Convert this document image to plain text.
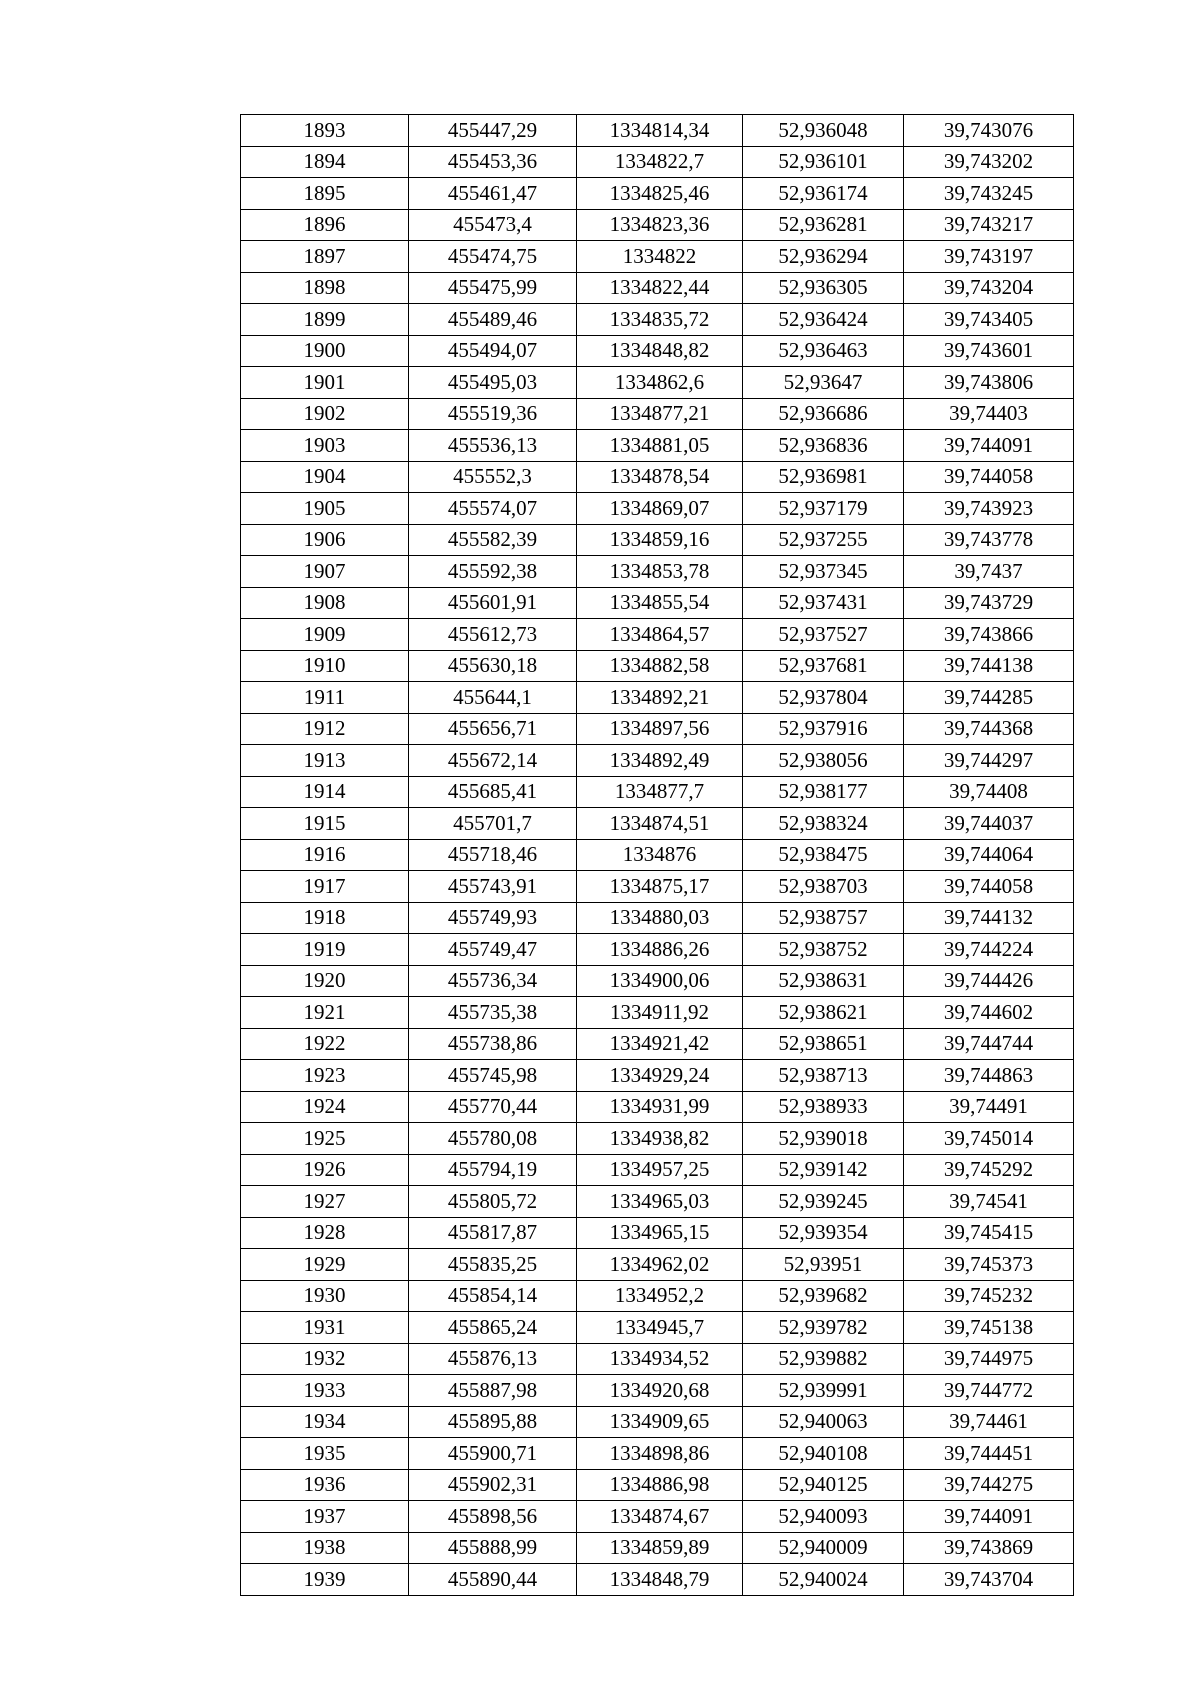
1893	455447,29	1334814,34	52,936048	39,743076
1894	455453,36	1334822,7	52,936101	39,743202
1895	455461,47	1334825,46	52,936174	39,743245
1896	455473,4	1334823,36	52,936281	39,743217
1897	455474,75	1334822	52,936294	39,743197
1898	455475,99	1334822,44	52,936305	39,743204
1899	455489,46	1334835,72	52,936424	39,743405
1900	455494,07	1334848,82	52,936463	39,743601
1901	455495,03	1334862,6	52,93647	39,743806
1902	455519,36	1334877,21	52,936686	39,74403
1903	455536,13	1334881,05	52,936836	39,744091
1904	455552,3	1334878,54	52,936981	39,744058
1905	455574,07	1334869,07	52,937179	39,743923
1906	455582,39	1334859,16	52,937255	39,743778
1907	455592,38	1334853,78	52,937345	39,7437
1908	455601,91	1334855,54	52,937431	39,743729
1909	455612,73	1334864,57	52,937527	39,743866
1910	455630,18	1334882,58	52,937681	39,744138
1911	455644,1	1334892,21	52,937804	39,744285
1912	455656,71	1334897,56	52,937916	39,744368
1913	455672,14	1334892,49	52,938056	39,744297
1914	455685,41	1334877,7	52,938177	39,74408
1915	455701,7	1334874,51	52,938324	39,744037
1916	455718,46	1334876	52,938475	39,744064
1917	455743,91	1334875,17	52,938703	39,744058
1918	455749,93	1334880,03	52,938757	39,744132
1919	455749,47	1334886,26	52,938752	39,744224
1920	455736,34	1334900,06	52,938631	39,744426
1921	455735,38	1334911,92	52,938621	39,744602
1922	455738,86	1334921,42	52,938651	39,744744
1923	455745,98	1334929,24	52,938713	39,744863
1924	455770,44	1334931,99	52,938933	39,74491
1925	455780,08	1334938,82	52,939018	39,745014
1926	455794,19	1334957,25	52,939142	39,745292
1927	455805,72	1334965,03	52,939245	39,74541
1928	455817,87	1334965,15	52,939354	39,745415
1929	455835,25	1334962,02	52,93951	39,745373
1930	455854,14	1334952,2	52,939682	39,745232
1931	455865,24	1334945,7	52,939782	39,745138
1932	455876,13	1334934,52	52,939882	39,744975
1933	455887,98	1334920,68	52,939991	39,744772
1934	455895,88	1334909,65	52,940063	39,74461
1935	455900,71	1334898,86	52,940108	39,744451
1936	455902,31	1334886,98	52,940125	39,744275
1937	455898,56	1334874,67	52,940093	39,744091
1938	455888,99	1334859,89	52,940009	39,743869
1939	455890,44	1334848,79	52,940024	39,743704
